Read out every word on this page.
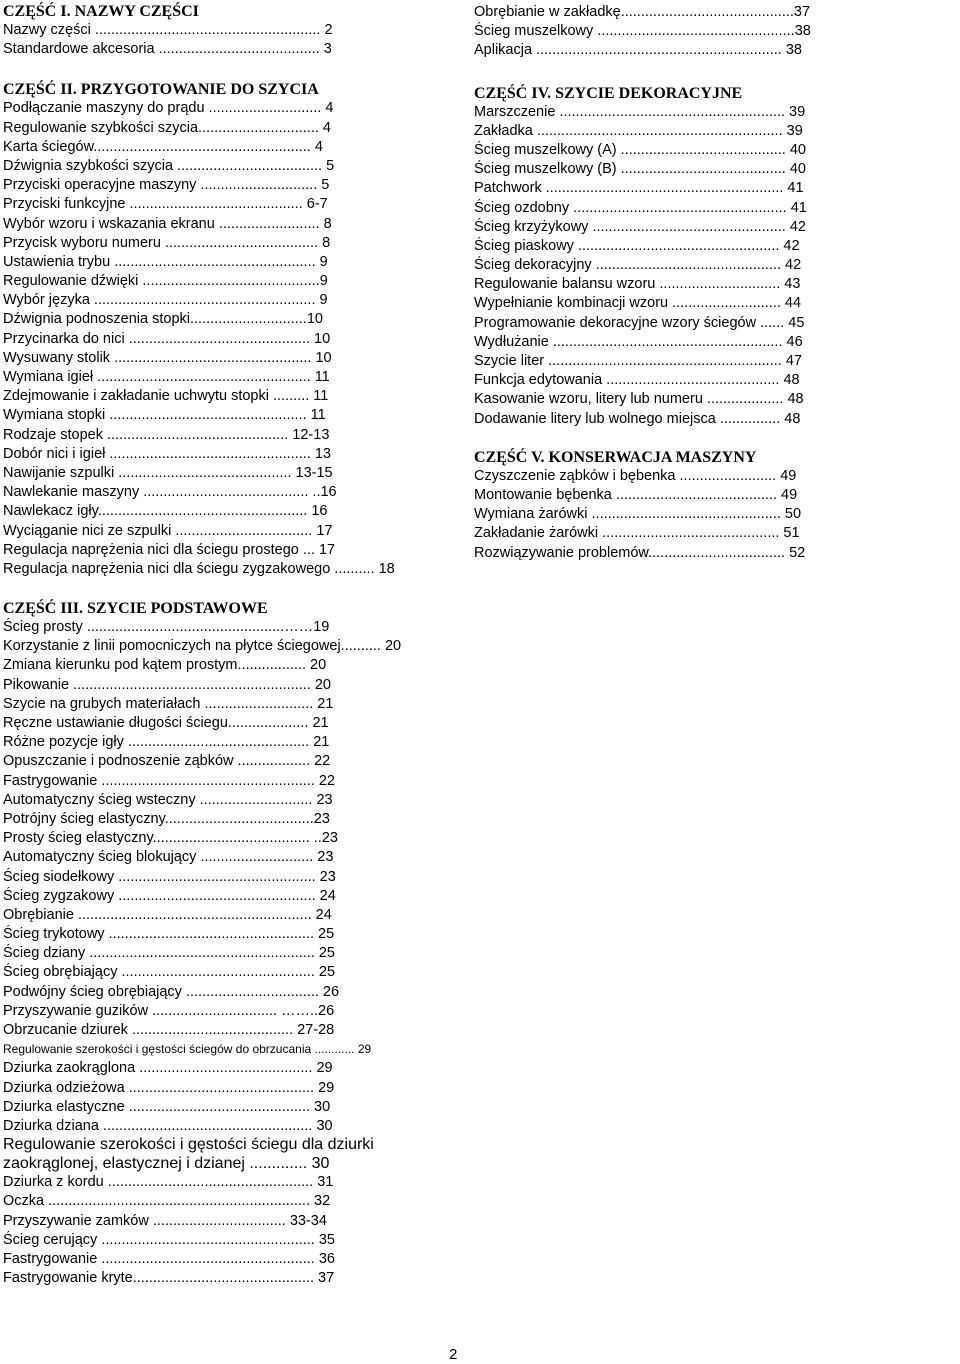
CZĘŚĆ I. NAZWY CZĘŚCI
Nazwy części ........................................................ 2
Standardowe akcesoria ........................................ 3
CZĘŚĆ II. PRZYGOTOWANIE DO SZYCIA
Podłączanie maszyny do prądu ............................ 4
Regulowanie szybkości szycia.............................. 4
Karta ściegów...................................................... 4
Dźwignia szybkości szycia .................................... 5
Przyciski operacyjne maszyny ............................. 5
Przyciski funkcyjne ........................................... 6-7
Wybór wzoru i wskazania ekranu ......................... 8
Przycisk wyboru numeru ...................................... 8
Ustawienia trybu .................................................. 9
Regulowanie dźwięki ............................................9
Wybór języka ....................................................... 9
Dźwignia podnoszenia stopki.............................10
Przycinarka do nici ............................................. 10
Wysuwany stolik ................................................. 10
Wymiana igieł ..................................................... 11
Zdejmowanie i zakładanie uchwytu stopki ......... 11
Wymiana stopki ................................................. 11
Rodzaje stopek ............................................. 12-13
Dobór nici i igieł .................................................. 13
Nawijanie szpulki ........................................... 13-15
Nawlekanie maszyny ......................................... ..16
Nawlekacz igły.................................................... 16
Wyciąganie nici ze szpulki .................................. 17
Regulacja naprężenia nici dla ściegu prostego ... 17
Regulacja naprężenia nici dla ściegu zygzakowego .......... 18
CZĘŚĆ III. SZYCIE PODSTAWOWE
Ścieg prosty .................................................……19
Korzystanie z linii pomocniczych na płytce ściegowej.......... 20
Zmiana kierunku pod kątem prostym................. 20
Pikowanie ........................................................... 20
Szycie na grubych materiałach ........................... 21
Ręczne ustawianie długości ściegu.................... 21
Różne pozycje igły ............................................. 21
Opuszczanie i podnoszenie ząbków .................. 22
Fastrygowanie ..................................................... 22
Automatyczny ścieg wsteczny ............................ 23
Potrójny ścieg elastyczny.....................................23
Prosty ścieg elastyczny....................................... ..23
Automatyczny ścieg blokujący ............................ 23
Ścieg siodełkowy ................................................. 23
Ścieg zygzakowy ................................................. 24
Obrębianie .......................................................... 24
Ścieg trykotowy ................................................... 25
Ścieg dziany ........................................................ 25
Ścieg obrębiający ................................................ 25
Podwójny ścieg obrębiający ................................. 26
Przyszywanie guzików ............................... ……..26
Obrzucanie dziurek ........................................ 27-28
Regulowanie szerokości i gęstości ściegów do obrzucania ............ 29
Dziurka zaokrąglona ........................................... 29
Dziurka odzieżowa .............................................. 29
Dziurka elastyczne ............................................. 30
Dziurka dziana .................................................... 30
Regulowanie szerokości i gęstości ściegu dla dziurki zaokrąglonej, elastycznej i dzianej ............. 30
Dziurka z kordu ................................................... 31
Oczka ................................................................. 32
Przyszywanie zamków ................................. 33-34
Ścieg cerujący ..................................................... 35
Fastrygowanie ..................................................... 36
Fastrygowanie kryte............................................. 37
Obrębianie w zakładkę...........................................37
Ścieg muszelkowy .................................................38
Aplikacja ............................................................. 38
CZĘŚĆ IV. SZYCIE DEKORACYJNE
Marszczenie ........................................................ 39
Zakładka ............................................................. 39
Ścieg muszelkowy (A) ......................................... 40
Ścieg muszelkowy (B) ......................................... 40
Patchwork ........................................................... 41
Ścieg ozdobny ..................................................... 41
Ścieg krzyżykowy ................................................ 42
Ścieg piaskowy .................................................. 42
Ścieg dekoracyjny .............................................. 42
Regulowanie balansu wzoru .............................. 43
Wypełnianie kombinacji wzoru ........................... 44
Programowanie dekoracyjne wzory ściegów ...... 45
Wydłużanie ......................................................... 46
Szycie liter .......................................................... 47
Funkcja edytowania ........................................... 48
Kasowanie wzoru, litery lub numeru ................... 48
Dodawanie litery lub wolnego miejsca ............... 48
CZĘŚĆ V. KONSERWACJA MASZYNY
Czyszczenie ząbków i bębenka ........................ 49
Montowanie bębenka ........................................ 49
Wymiana żarówki ............................................... 50
Zakładanie żarówki ............................................ 51
Rozwiązywanie problemów.................................. 52
2
